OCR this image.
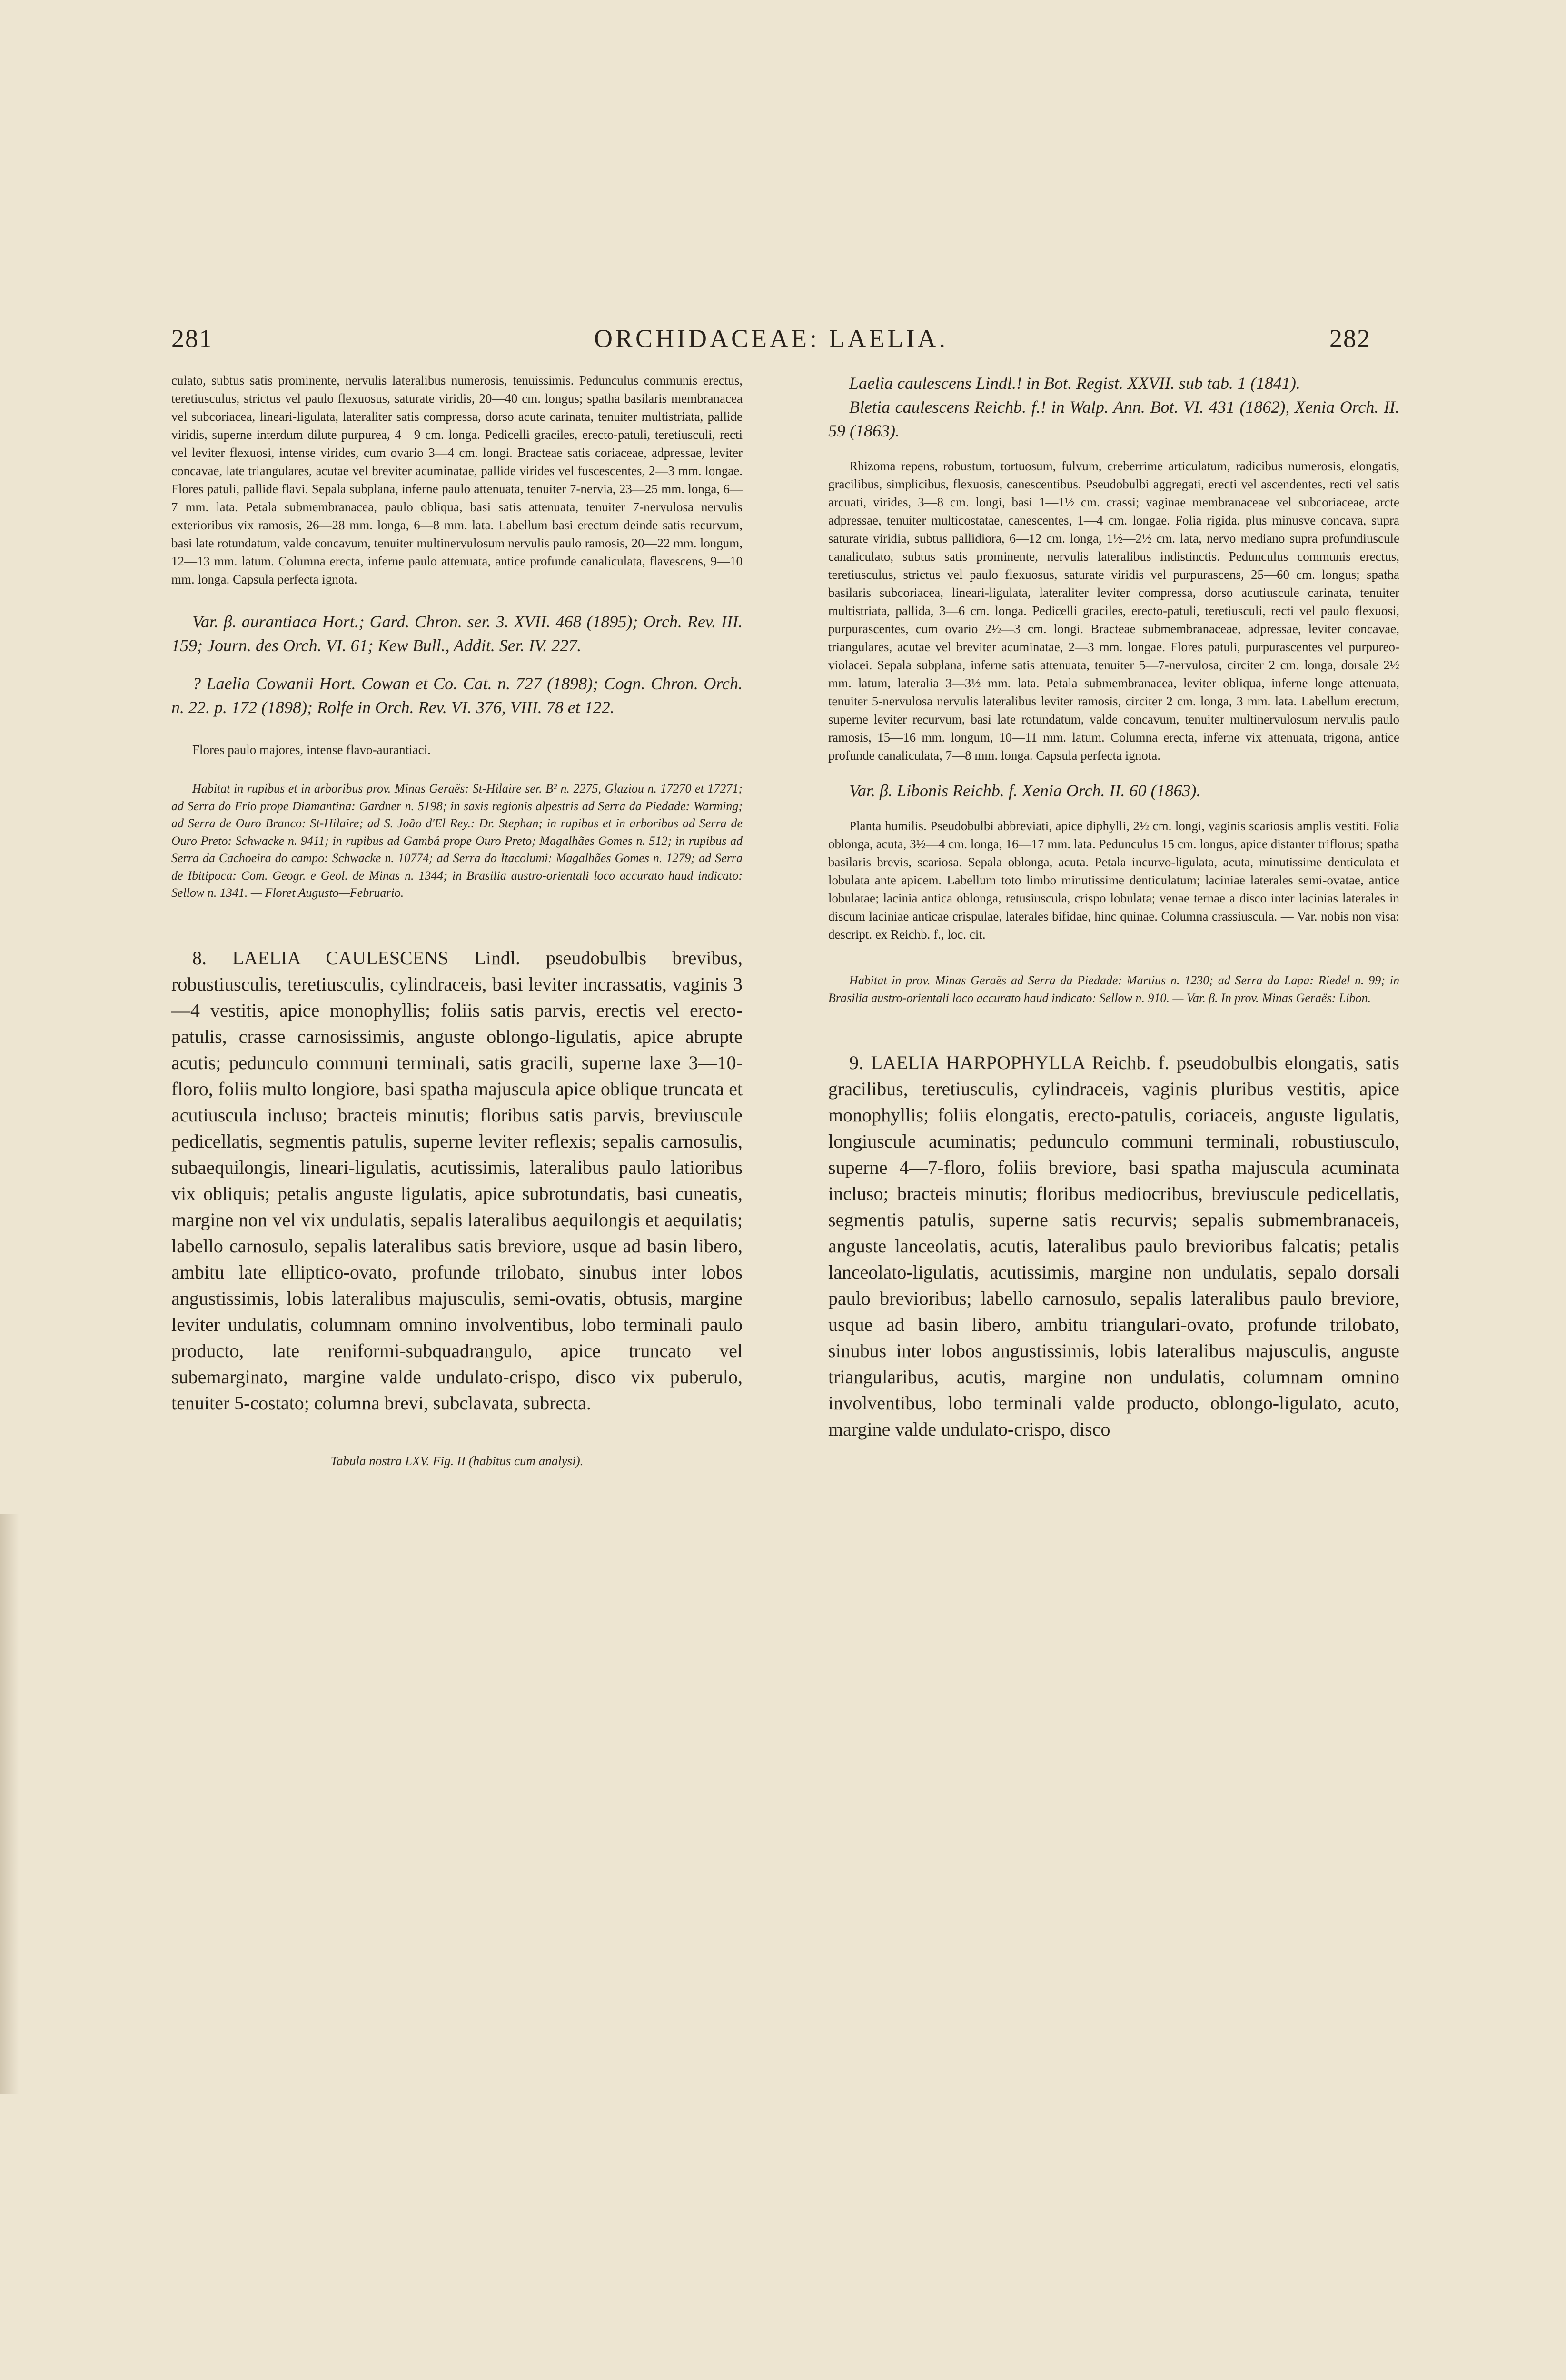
281	ORCHIDACEAE: LAELIA.	282

culato, subtus satis prominente, nervulis lateralibus numerosis, tenuissimis. Pedunculus communis erectus, teretiusculus, strictus vel paulo flexuosus, saturate viridis, 20—40 cm. longus; spatha basilaris membranacea vel subcoriacea, lineari-ligulata, lateraliter satis compressa, dorso acute carinata, tenuiter multistriata, pallide viridis, superne interdum dilute purpurea, 4—9 cm. longa. Pedicelli graciles, erecto-patuli, teretiusculi, recti vel leviter flexuosi, intense virides, cum ovario 3—4 cm. longi. Bracteae satis coriaceae, adpressae, leviter concavae, late triangulares, acutae vel breviter acuminatae, pallide virides vel fuscescentes, 2—3 mm. longae. Flores patuli, pallide flavi. Sepala subplana, inferne paulo attenuata, tenuiter 7-nervia, 23—25 mm. longa, 6—7 mm. lata. Petala submembranacea, paulo obliqua, basi satis attenuata, tenuiter 7-nervulosa nervulis exterioribus vix ramosis, 26—28 mm. longa, 6—8 mm. lata. Labellum basi erectum deinde satis recurvum, basi late rotundatum, valde concavum, tenuiter multinervulosum nervulis paulo ramosis, 20—22 mm. longum, 12—13 mm. latum. Columna erecta, inferne paulo attenuata, antice profunde canaliculata, flavescens, 9—10 mm. longa. Capsula perfecta ignota.

Var. β. aurantiaca Hort.; Gard. Chron. ser. 3. XVII. 468 (1895); Orch. Rev. III. 159; Journ. des Orch. VI. 61; Kew Bull., Addit. Ser. IV. 227.

? Laelia Cowanii Hort. Cowan et Co. Cat. n. 727 (1898); Cogn. Chron. Orch. n. 22. p. 172 (1898); Rolfe in Orch. Rev. VI. 376, VIII. 78 et 122.

Flores paulo majores, intense flavo-aurantiaci.

Habitat in rupibus et in arboribus prov. Minas Geraës: St-Hilaire ser. B² n. 2275, Glaziou n. 17270 et 17271; ad Serra do Frio prope Diamantina: Gardner n. 5198; in saxis regionis alpestris ad Serra da Piedade: Warming; ad Serra de Ouro Branco: St-Hilaire; ad S. João d'El Rey.: Dr. Stephan; in rupibus et in arboribus ad Serra de Ouro Preto: Schwacke n. 9411; in rupibus ad Gambá prope Ouro Preto; Magalhães Gomes n. 512; in rupibus ad Serra da Cachoeira do campo: Schwacke n. 10774; ad Serra do Itacolumi: Magalhães Gomes n. 1279; ad Serra de Ibitipoca: Com. Geogr. e Geol. de Minas n. 1344; in Brasilia austro-orientali loco accurato haud indicato: Sellow n. 1341. — Floret Augusto—Februario.

8. LAELIA CAULESCENS Lindl. pseudobulbis brevibus, robustiusculis, teretiusculis, cylindraceis, basi leviter incrassatis, vaginis 3—4 vestitis, apice monophyllis; foliis satis parvis, erectis vel erecto-patulis, crasse carnosissimis, anguste oblongo-ligulatis, apice abrupte acutis; pedunculo communi terminali, satis gracili, superne laxe 3—10-floro, foliis multo longiore, basi spatha majuscula apice oblique truncata et acutiuscula incluso; bracteis minutis; floribus satis parvis, breviuscule pedicellatis, segmentis patulis, superne leviter reflexis; sepalis carnosulis, subaequilongis, lineari-ligulatis, acutissimis, lateralibus paulo latioribus vix obliquis; petalis anguste ligulatis, apice subrotundatis, basi cuneatis, margine non vel vix undulatis, sepalis lateralibus aequilongis et aequilatis; labello carnosulo, sepalis lateralibus satis breviore, usque ad basin libero, ambitu late elliptico-ovato, profunde trilobato, sinubus inter lobos angustissimis, lobis lateralibus majusculis, semi-ovatis, obtusis, margine leviter undulatis, columnam omnino involventibus, lobo terminali paulo producto, late reniformi-subquadrangulo, apice truncato vel subemarginato, margine valde undulato-crispo, disco vix puberulo, tenuiter 5-costato; columna brevi, subclavata, subrecta.

Tabula nostra LXV. Fig. II (habitus cum analysi).

Laelia caulescens Lindl.! in Bot. Regist. XXVII. sub tab. 1 (1841).

Bletia caulescens Reichb. f.! in Walp. Ann. Bot. VI. 431 (1862), Xenia Orch. II. 59 (1863).

Rhizoma repens, robustum, tortuosum, fulvum, creberrime articulatum, radicibus numerosis, elongatis, gracilibus, simplicibus, flexuosis, canescentibus. Pseudobulbi aggregati, erecti vel ascendentes, recti vel satis arcuati, virides, 3—8 cm. longi, basi 1—1½ cm. crassi; vaginae membranaceae vel subcoriaceae, arcte adpressae, tenuiter multicostatae, canescentes, 1—4 cm. longae. Folia rigida, plus minusve concava, supra saturate viridia, subtus pallidiora, 6—12 cm. longa, 1½—2½ cm. lata, nervo mediano supra profundiuscule canaliculato, subtus satis prominente, nervulis lateralibus indistinctis. Pedunculus communis erectus, teretiusculus, strictus vel paulo flexuosus, saturate viridis vel purpurascens, 25—60 cm. longus; spatha basilaris subcoriacea, lineari-ligulata, lateraliter leviter compressa, dorso acutiuscule carinata, tenuiter multistriata, pallida, 3—6 cm. longa. Pedicelli graciles, erecto-patuli, teretiusculi, recti vel paulo flexuosi, purpurascentes, cum ovario 2½—3 cm. longi. Bracteae submembranaceae, adpressae, leviter concavae, triangulares, acutae vel breviter acuminatae, 2—3 mm. longae. Flores patuli, purpurascentes vel purpureo-violacei. Sepala subplana, inferne satis attenuata, tenuiter 5—7-nervulosa, circiter 2 cm. longa, dorsale 2½ mm. latum, lateralia 3—3½ mm. lata. Petala submembranacea, leviter obliqua, inferne longe attenuata, tenuiter 5-nervulosa nervulis lateralibus leviter ramosis, circiter 2 cm. longa, 3 mm. lata. Labellum erectum, superne leviter recurvum, basi late rotundatum, valde concavum, tenuiter multinervulosum nervulis paulo ramosis, 15—16 mm. longum, 10—11 mm. latum. Columna erecta, inferne vix attenuata, trigona, antice profunde canaliculata, 7—8 mm. longa. Capsula perfecta ignota.

Var. β. Libonis Reichb. f. Xenia Orch. II. 60 (1863).

Planta humilis. Pseudobulbi abbreviati, apice diphylli, 2½ cm. longi, vaginis scariosis amplis vestiti. Folia oblonga, acuta, 3½—4 cm. longa, 16—17 mm. lata. Pedunculus 15 cm. longus, apice distanter triflorus; spatha basilaris brevis, scariosa. Sepala oblonga, acuta. Petala incurvo-ligulata, acuta, minutissime denticulata et lobulata ante apicem. Labellum toto limbo minutissime denticulatum; laciniae laterales semi-ovatae, antice lobulatae; lacinia antica oblonga, retusiuscula, crispo lobulata; venae ternae a disco inter lacinias laterales in discum laciniae anticae crispulae, laterales bifidae, hinc quinae. Columna crassiuscula. — Var. nobis non visa; descript. ex Reichb. f., loc. cit.

Habitat in prov. Minas Geraës ad Serra da Piedade: Martius n. 1230; ad Serra da Lapa: Riedel n. 99; in Brasilia austro-orientali loco accurato haud indicato: Sellow n. 910. — Var. β. In prov. Minas Geraës: Libon.

9. LAELIA HARPOPHYLLA Reichb. f. pseudobulbis elongatis, satis gracilibus, teretiusculis, cylindraceis, vaginis pluribus vestitis, apice monophyllis; foliis elongatis, erecto-patulis, coriaceis, anguste ligulatis, longiuscule acuminatis; pedunculo communi terminali, robustiusculo, superne 4—7-floro, foliis breviore, basi spatha majuscula acuminata incluso; bracteis minutis; floribus mediocribus, breviuscule pedicellatis, segmentis patulis, superne satis recurvis; sepalis submembranaceis, anguste lanceolatis, acutis, lateralibus paulo brevioribus falcatis; petalis lanceolato-ligulatis, acutissimis, margine non undulatis, sepalo dorsali paulo brevioribus; labello carnosulo, sepalis lateralibus paulo breviore, usque ad basin libero, ambitu triangulari-ovato, profunde trilobato, sinubus inter lobos angustissimis, lobis lateralibus majusculis, anguste triangularibus, acutis, margine non undulatis, columnam omnino involventibus, lobo terminali valde producto, oblongo-ligulato, acuto, margine valde undulato-crispo, disco
